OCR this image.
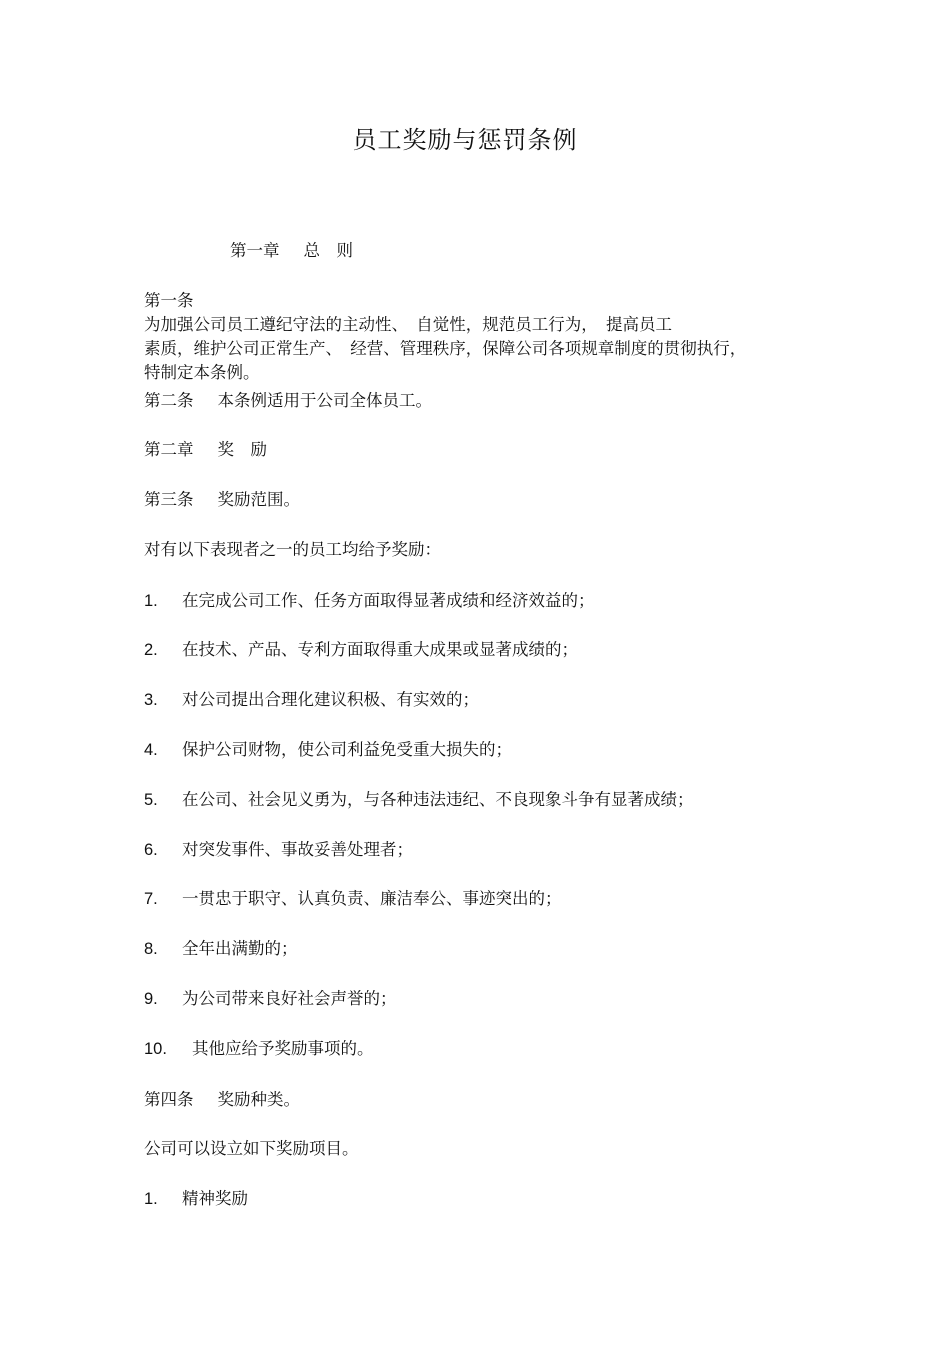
员工奖励与惩罚条例
第一章 总　则
第一条
为加强公司员工遵纪守法的主动性、　自觉性，规范员工行为，　提高员工
素质，维护公司正常生产、　经营、管理秩序，保障公司各项规章制度的贯彻执行，
特制定本条例。
第二条 本条例适用于公司全体员工。
第二章 奖　励
第三条 奖励范围。
对有以下表现者之一的员工均给予奖励：
1. 在完成公司工作、任务方面取得显著成绩和经济效益的；
2. 在技术、产品、专利方面取得重大成果或显著成绩的；
3. 对公司提出合理化建议积极、有实效的；
4. 保护公司财物，使公司利益免受重大损失的；
5. 在公司、社会见义勇为，与各种违法违纪、不良现象斗争有显著成绩；
6. 对突发事件、事故妥善处理者；
7. 一贯忠于职守、认真负责、廉洁奉公、事迹突出的；
8. 全年出满勤的；
9. 为公司带来良好社会声誉的；
10. 其他应给予奖励事项的。
第四条 奖励种类。
公司可以设立如下奖励项目。
1. 精神奖励
